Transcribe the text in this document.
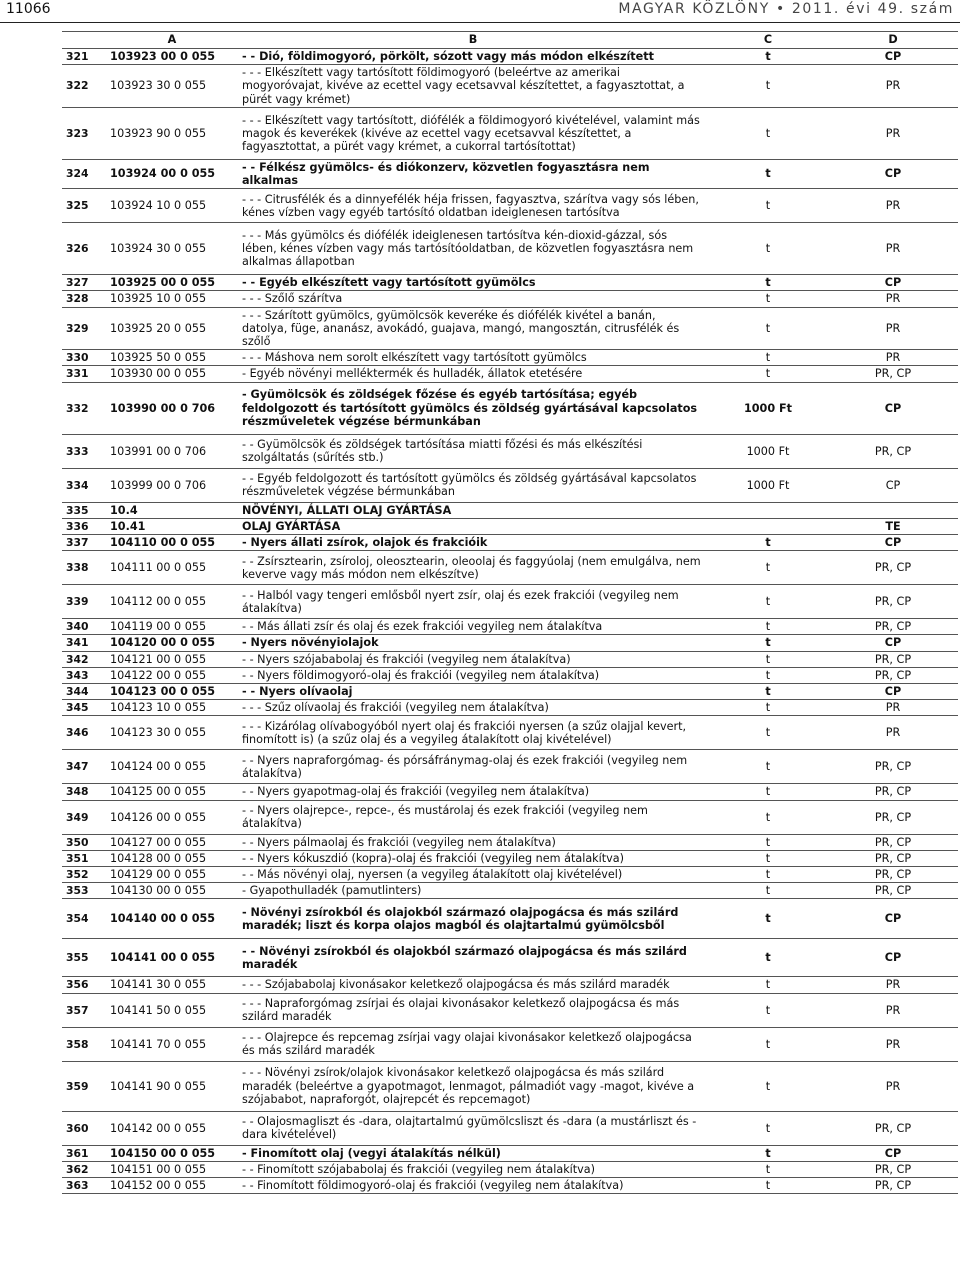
11066	MAGYAR KÖZLÖNY • 2011. évi 49. szám
	A	B	C	D
321	103923 00 0 055	- - Dió, földimogyoró, pörkölt, sózott vagy más módon elkészített	t	CP
322	103923 30 0 055	- - - Elkészített vagy tartósított földimogyoró (beleértve az amerikai mogyoróvajat, kivéve az ecettel vagy ecetsavval készítettet, a fagyasztottat, a pürét vagy krémet)	t	PR
323	103923 90 0 055	- - - Elkészített vagy tartósított, diófélék a földimogyoró kivételével, valamint más magok és keverékek (kivéve az ecettel vagy ecetsavval készítettet, a fagyasztottat, a pürét vagy krémet, a cukorral tartósítottat)	t	PR
324	103924 00 0 055	- - Félkész gyümölcs- és diókonzerv, közvetlen fogyasztásra nem alkalmas	t	CP
325	103924 10 0 055	- - - Citrusfélék és a dinnyefélék héja frissen, fagyasztva, szárítva vagy sós lében, kénes vízben vagy egyéb tartósító oldatban ideiglenesen tartósítva	t	PR
326	103924 30 0 055	- - - Más gyümölcs és diófélék ideiglenesen tartósítva kén-dioxid-gázzal, sós lében, kénes vízben vagy más tartósítóoldatban, de közvetlen fogyasztásra nem alkalmas állapotban	t	PR
327	103925 00 0 055	- - Egyéb elkészített vagy tartósított gyümölcs	t	CP
328	103925 10 0 055	- - - Szőlő szárítva	t	PR
329	103925 20 0 055	- - - Szárított gyümölcs, gyümölcsök keveréke és diófélék kivétel a banán, datolya, füge, ananász, avokádó, guajava, mangó, mangosztán, citrusfélék és szőlő	t	PR
330	103925 50 0 055	- - - Máshova nem sorolt elkészített vagy tartósított gyümölcs	t	PR
331	103930 00 0 055	- Egyéb növényi melléktermék és hulladék, állatok etetésére	t	PR, CP
332	103990 00 0 706	- Gyümölcsök és zöldségek főzése és egyéb tartósítása; egyéb feldolgozott és tartósított gyümölcs és zöldség gyártásával kapcsolatos részműveletek végzése bérmunkában	1000 Ft	CP
333	103991 00 0 706	- - Gyümölcsök és zöldségek tartósítása miatti főzési és más elkészítési szolgáltatás (sűrítés stb.)	1000 Ft	PR, CP
334	103999 00 0 706	- - Egyéb feldolgozott és tartósított gyümölcs és zöldség gyártásával kapcsolatos részműveletek végzése bérmunkában	1000 Ft	CP
335	10.4	NÖVÉNYI, ÁLLATI OLAJ GYÁRTÁSA		
336	10.41	OLAJ GYÁRTÁSA		TE
337	104110 00 0 055	- Nyers állati zsírok, olajok és frakcióik	t	CP
338	104111 00 0 055	- - Zsírsztearin, zsíroloj, oleosztearin, oleoolaj és faggyúolaj (nem emulgálva, nem keverve vagy más módon nem elkészítve)	t	PR, CP
339	104112 00 0 055	- - Halból vagy tengeri emlősből nyert zsír, olaj és ezek frakciói (vegyileg nem átalakítva)	t	PR, CP
340	104119 00 0 055	- - Más állati zsír és olaj és ezek frakciói vegyileg nem átalakítva	t	PR, CP
341	104120 00 0 055	- Nyers növényiolajok	t	CP
342	104121 00 0 055	- - Nyers szójababolaj és frakciói (vegyileg nem átalakítva)	t	PR, CP
343	104122 00 0 055	- - Nyers földimogyoró-olaj és frakciói (vegyileg nem átalakítva)	t	PR, CP
344	104123 00 0 055	- - Nyers olívaolaj	t	CP
345	104123 10 0 055	- - - Szűz olívaolaj és frakciói (vegyileg nem átalakítva)	t	PR
346	104123 30 0 055	- - - Kizárólag olívabogyóból nyert olaj és frakciói nyersen (a szűz olajjal kevert, finomított is) (a szűz olaj és a vegyileg átalakított olaj kivételével)	t	PR
347	104124 00 0 055	- - Nyers napraforgómag- és pórsáfránymag-olaj és ezek frakciói (vegyileg nem átalakítva)	t	PR, CP
348	104125 00 0 055	- - Nyers gyapotmag-olaj és frakciói (vegyileg nem átalakítva)	t	PR, CP
349	104126 00 0 055	- - Nyers olajrepce-, repce-, és mustárolaj és ezek frakciói (vegyileg nem átalakítva)	t	PR, CP
350	104127 00 0 055	- - Nyers pálmaolaj és frakciói (vegyileg nem átalakítva)	t	PR, CP
351	104128 00 0 055	- - Nyers kókuszdió (kopra)-olaj és frakciói (vegyileg nem átalakítva)	t	PR, CP
352	104129 00 0 055	- - Más növényi olaj, nyersen (a vegyileg átalakított olaj kivételével)	t	PR, CP
353	104130 00 0 055	- Gyapothulladék (pamutlinters)	t	PR, CP
354	104140 00 0 055	- Növényi zsírokból és olajokból származó olajpogácsa és más szilárd maradék; liszt és korpa olajos magból és olajtartalmú gyümölcsből	t	CP
355	104141 00 0 055	- - Növényi zsírokból és olajokból származó olajpogácsa és más szilárd maradék	t	CP
356	104141 30 0 055	- - - Szójababolaj kivonásakor keletkező olajpogácsa és más szilárd maradék	t	PR
357	104141 50 0 055	- - - Napraforgómag zsírjai és olajai kivonásakor keletkező olajpogácsa és más szilárd maradék	t	PR
358	104141 70 0 055	- - - Olajrepce és repcemag zsírjai vagy olajai kivonásakor keletkező olajpogácsa és más szilárd maradék	t	PR
359	104141 90 0 055	- - - Növényi zsírok/olajok kivonásakor keletkező olajpogácsa és más szilárd maradék (beleértve a gyapotmagot, lenmagot, pálmadiót vagy -magot, kivéve a szójababot, napraforgót, olajrepcét és repcemagot)	t	PR
360	104142 00 0 055	- - Olajosmagliszt és -dara, olajtartalmú gyümölcsliszt és -dara (a mustárliszt és -dara kivételével)	t	PR, CP
361	104150 00 0 055	- Finomított olaj (vegyi átalakítás nélkül)	t	CP
362	104151 00 0 055	- - Finomított szójababolaj és frakciói (vegyileg nem átalakítva)	t	PR, CP
363	104152 00 0 055	- - Finomított földimogyoró-olaj és frakciói (vegyileg nem átalakítva)	t	PR, CP
